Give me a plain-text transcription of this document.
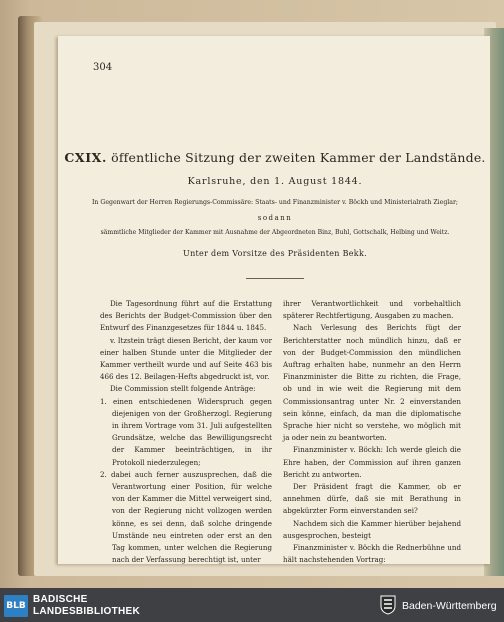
304
CXIX. öffentliche Sitzung der zweiten Kammer der Landstände.
Karlsruhe, den 1. August 1844.
In Gegenwart der Herren Regierungs-Commissäre: Staats- und Finanzminister v. Böckh und Ministerialrath Zieglar;
sodann
sämmtliche Mitglieder der Kammer mit Ausnahme der Abgeordneten Binz, Buhl, Gottschalk, Helbing und Weitz.
Unter dem Vorsitze des Präsidenten Bekk.

Die Tagesordnung führt auf die Erstattung des Berichts der Budget-Commission über den Entwurf des Finanzgesetzes für 1844 u. 1845.

v. Itzstein trägt diesen Bericht, der kaum vor einer halben Stunde unter die Mitglieder der Kammer vertheilt wurde und auf Seite 463 bis 466 des 12. Beilagen-Hefts abgedruckt ist, vor.

Die Commission stellt folgende Anträge:

1. einen entschiedenen Widerspruch gegen diejenigen von der Großherzogl. Regierung in ihrem Vortrage vom 31. Juli aufgestellten Grundsätze, welche das Bewilligungsrecht der Kammer beeinträchtigen, in ihr Protokoll niederzulegen;

2. dabei auch ferner auszusprechen, daß die Verantwortung einer Position, für welche von der Kammer die Mittel verweigert sind, von der Regierung nicht vollzogen werden könne, es sei denn, daß solche dringende Umstände neu eintreten oder erst an den Tag kommen, unter welchen die Regierung nach der Verfassung berechtigt ist, unter

ihrer Verantwortlichkeit und vorbehaltlich späterer Rechtfertigung, Ausgaben zu machen.

Nach Verlesung des Berichts fügt der Berichterstatter noch mündlich hinzu, daß er von der Budget-Commission den mündlichen Auftrag erhalten habe, nunmehr an den Herrn Finanzminister die Bitte zu richten, die Frage, ob und in wie weit die Regierung mit dem Commissionsantrag unter Nr. 2 einverstanden sein könne, einfach, da man die diplomatische Sprache hier nicht so verstehe, wo möglich mit ja oder nein zu beantworten.

Finanzminister v. Böckh: Ich werde gleich die Ehre haben, der Commission auf ihren ganzen Bericht zu antworten.

Der Präsident fragt die Kammer, ob er annehmen dürfe, daß sie mit Berathung in abgekürzter Form einverstanden sei?

Nachdem sich die Kammer hierüber bejahend ausgesprochen, besteigt

Finanzminister v. Böckh die Rednerbühne und hält nachstehenden Vortrag:

BLB
BADISCHE
LANDESBIBLIOTHEK	Baden-Württemberg
